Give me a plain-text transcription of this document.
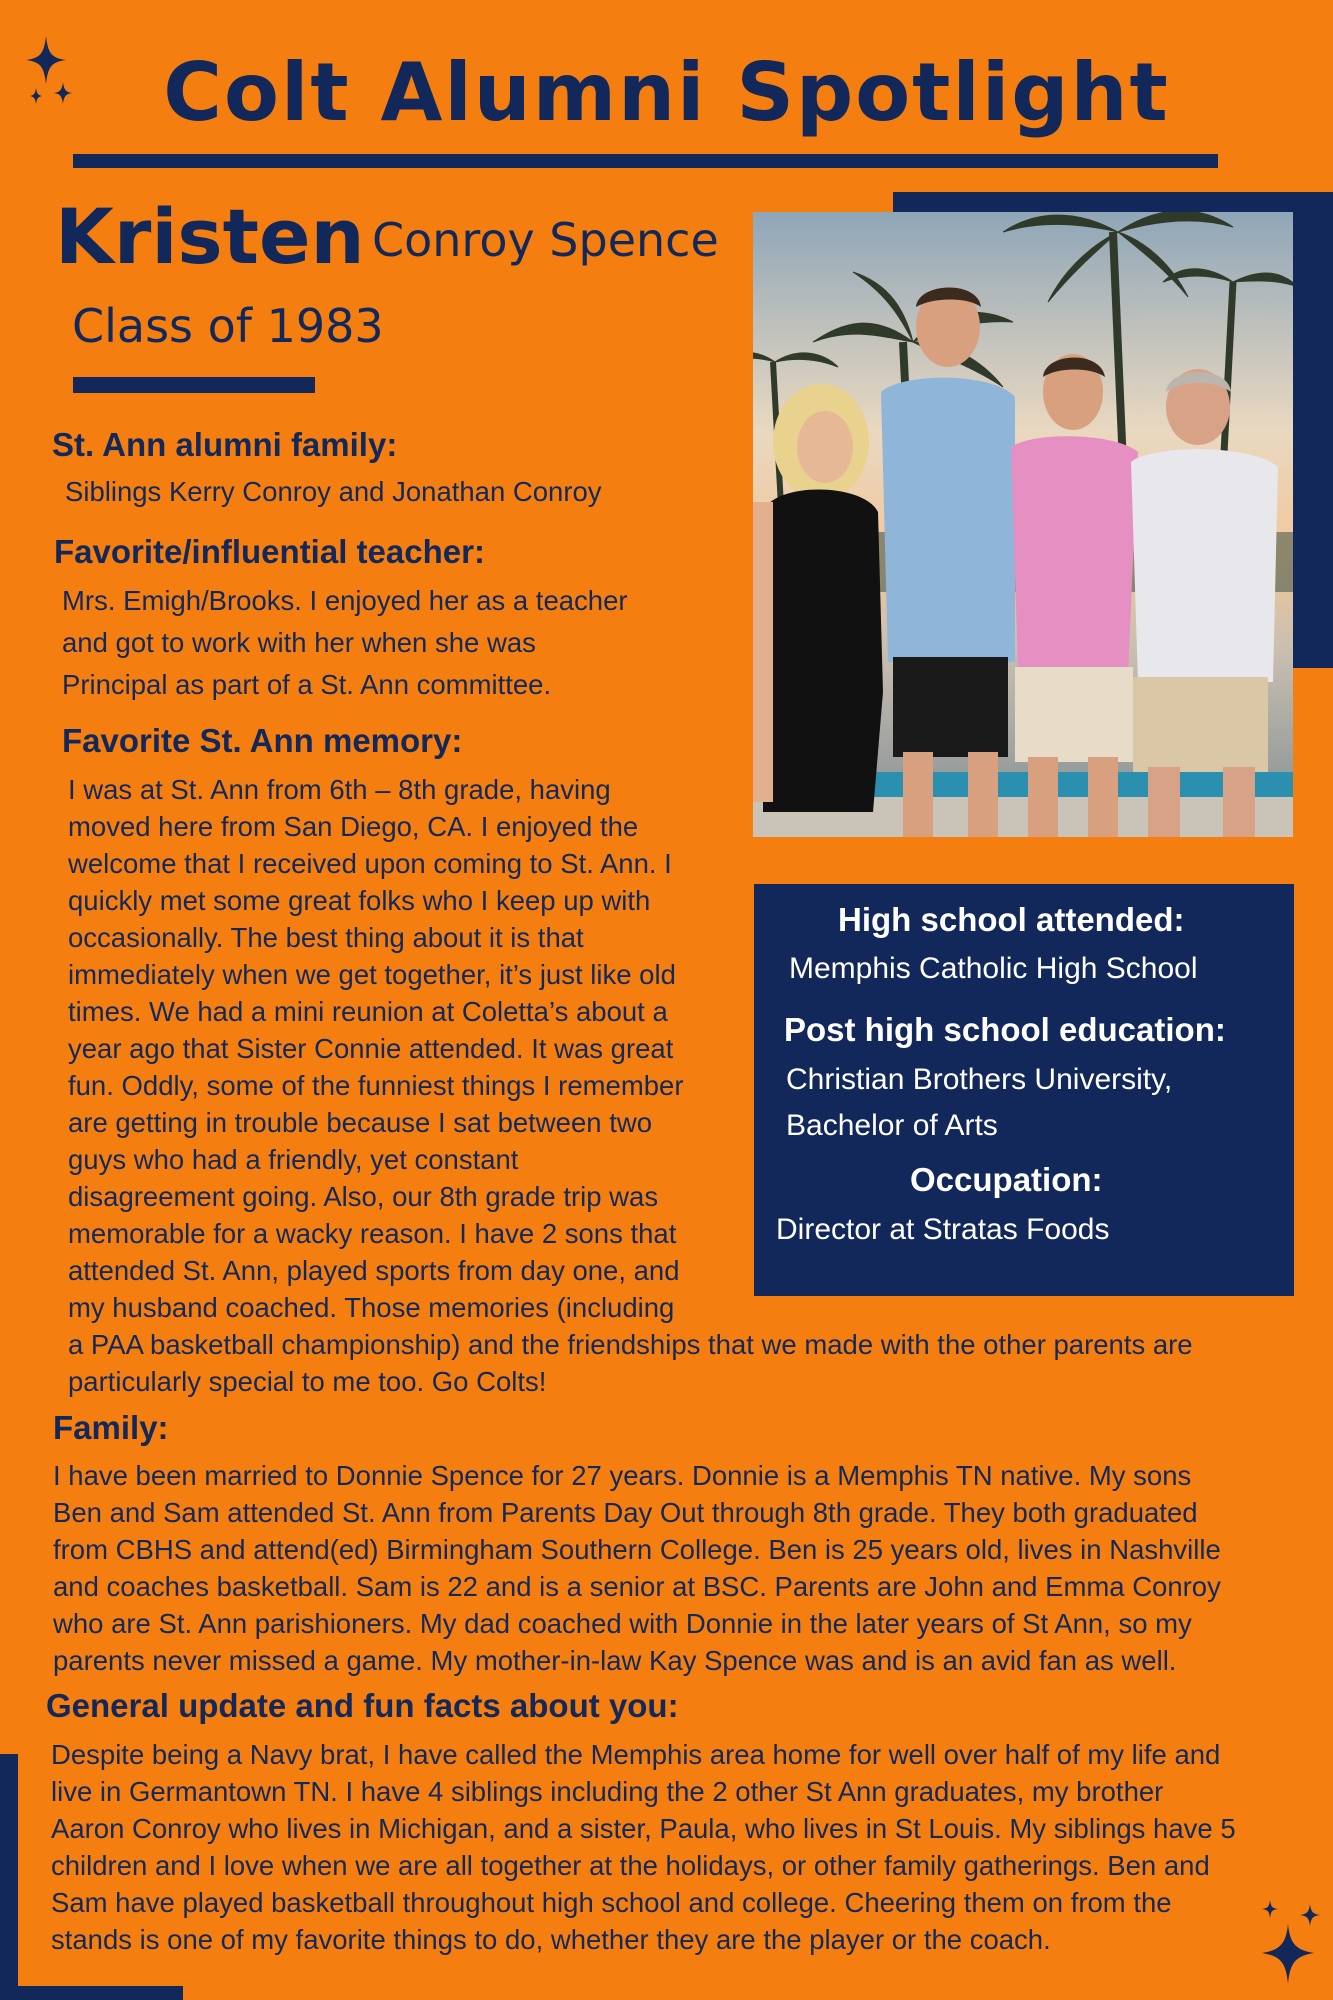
Colt Alumni Spotlight
Kristen Conroy Spence
Class of 1983
St. Ann alumni family:

Siblings Kerry Conroy and Jonathan Conroy

Favorite/influential teacher:

Mrs. Emigh/Brooks. I enjoyed her as a teacher

and got to work with her when she was

Principal as part of a St. Ann committee.

Favorite St. Ann memory:

I was at St. Ann from 6th – 8th grade, having

moved here from San Diego, CA. I enjoyed the

welcome that I received upon coming to St. Ann. I

quickly met some great folks who I keep up with

occasionally. The best thing about it is that

immediately when we get together, it’s just like old

times. We had a mini reunion at Coletta’s about a

year ago that Sister Connie attended. It was great

fun. Oddly, some of the funniest things I remember

are getting in trouble because I sat between two

guys who had a friendly, yet constant

disagreement going. Also, our 8th grade trip was

memorable for a wacky reason. I have 2 sons that

attended St. Ann, played sports from day one, and

my husband coached. Those memories (including

a PAA basketball championship) and the friendships that we made with the other parents are

particularly special to me too. Go Colts!

High school attended:

Memphis Catholic High School

Post high school education:

Christian Brothers University,

Bachelor of Arts

Occupation:

Director at Stratas Foods

Family:

I have been married to Donnie Spence for 27 years. Donnie is a Memphis TN native. My sons

Ben and Sam attended St. Ann from Parents Day Out through 8th grade. They both graduated

from CBHS and attend(ed) Birmingham Southern College. Ben is 25 years old, lives in Nashville

and coaches basketball. Sam is 22 and is a senior at BSC. Parents are John and Emma Conroy

who are St. Ann parishioners. My dad coached with Donnie in the later years of St Ann, so my

parents never missed a game. My mother-in-law Kay Spence was and is an avid fan as well.

General update and fun facts about you:

Despite being a Navy brat, I have called the Memphis area home for well over half of my life and

live in Germantown TN. I have 4 siblings including the 2 other St Ann graduates, my brother

Aaron Conroy who lives in Michigan, and a sister, Paula, who lives in St Louis. My siblings have 5

children and I love when we are all together at the holidays, or other family gatherings. Ben and

Sam have played basketball throughout high school and college. Cheering them on from the

stands is one of my favorite things to do, whether they are the player or the coach.
